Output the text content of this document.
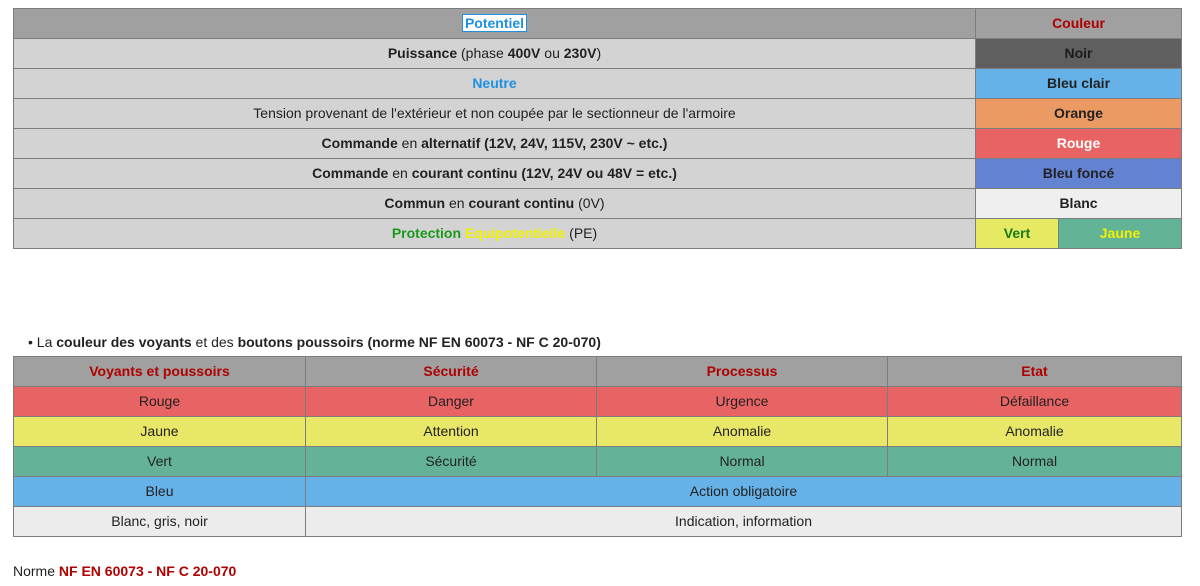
Potentiel	Couleur	
Puissance (phase 400V ou 230V)	Noir	
Neutre	Bleu clair	
Tension provenant de l'extérieur et non coupée par le sectionneur de l'armoire	Orange	
Commande en alternatif (12V, 24V, 115V, 230V ~ etc.)	Rouge	
Commande en courant continu (12V, 24V ou 48V = etc.)	Bleu foncé	
Commun en courant continu (0V)	Blanc	
Protection Equipotentielle (PE)	Vert	Jaune
• La couleur des voyants et des boutons poussoirs (norme NF EN 60073 - NF C 20-070)
Voyants et poussoirs	Sécurité	Processus	Etat
Rouge	Danger	Urgence	Défaillance
Jaune	Attention	Anomalie	Anomalie
Vert	Sécurité	Normal	Normal
Bleu	Action obligatoire		
Blanc, gris, noir	Indication, information		
Norme NF EN 60073 - NF C 20-070
